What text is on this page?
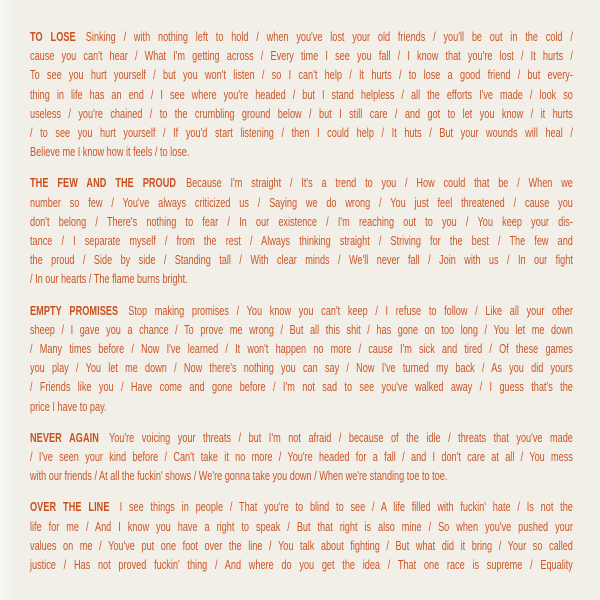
TO LOSE Sinking / with nothing left to hold / when you've lost your old friends / you'll be out in the cold /
cause you can't hear / What I'm getting across / Every time I see you fall / I know that you're lost / It hurts /
To see you hurt yourself / but you won't listen / so I can't help / It hurts / to lose a good friend / but every-
thing in life has an end / I see where you're headed / but I stand helpless / all the efforts I've made / look so
useless / you're chained / to the crumbling ground below / but I still care / and got to let you know / it hurts
/ to see you hurt yourself / If you'd start listening / then I could help / It huts / But your wounds will heal /
Believe me I know how it feels / to lose.
THE FEW AND THE PROUD Because I'm straight / It's a trend to you / How could that be / When we
number so few / You've always criticized us / Saying we do wrong / You just feel threatened / cause you
don't belong / There's nothing to fear / In our existence / I'm reaching out to you / You keep your dis-
tance / I separate myself / from the rest / Always thinking straight / Striving for the best / The few and
the proud / Side by side / Standing tall / With clear minds / We'll never fall / Join with us / In our fight
/ In our hearts / The flame burns bright.
EMPTY PROMISES Stop making promises / You know you can't keep / I refuse to follow / Like all your other
sheep / I gave you a chance / To prove me wrong / But all this shit / has gone on too long / You let me down
/ Many times before / Now I've learned / It won't happen no more / cause I'm sick and tired / Of these games
you play / You let me down / Now there's nothing you can say / Now I've turned my back / As you did yours
/ Friends like you / Have come and gone before / I'm not sad to see you've walked away / I guess that's the
price I have to pay.
NEVER AGAIN You're voicing your threats / but I'm not afraid / because of the idle / threats that you've made
/ I've seen your kind before / Can't take it no more / You're headed for a fall / and I don't care at all / You mess
with our friends / At all the fuckin' shows / We're gonna take you down / When we're standing toe to toe.
OVER THE LINE I see things in people / That you're to blind to see / A life filled with fuckin' hate / Is not the
life for me / And I know you have a right to speak / But that right is also mine / So when you've pushed your
values on me / You've put one foot over the line / You talk about fighting / But what did it bring / Your so called
justice / Has not proved fuckin' thing / And where do you get the idea / That one race is supreme / Equality
